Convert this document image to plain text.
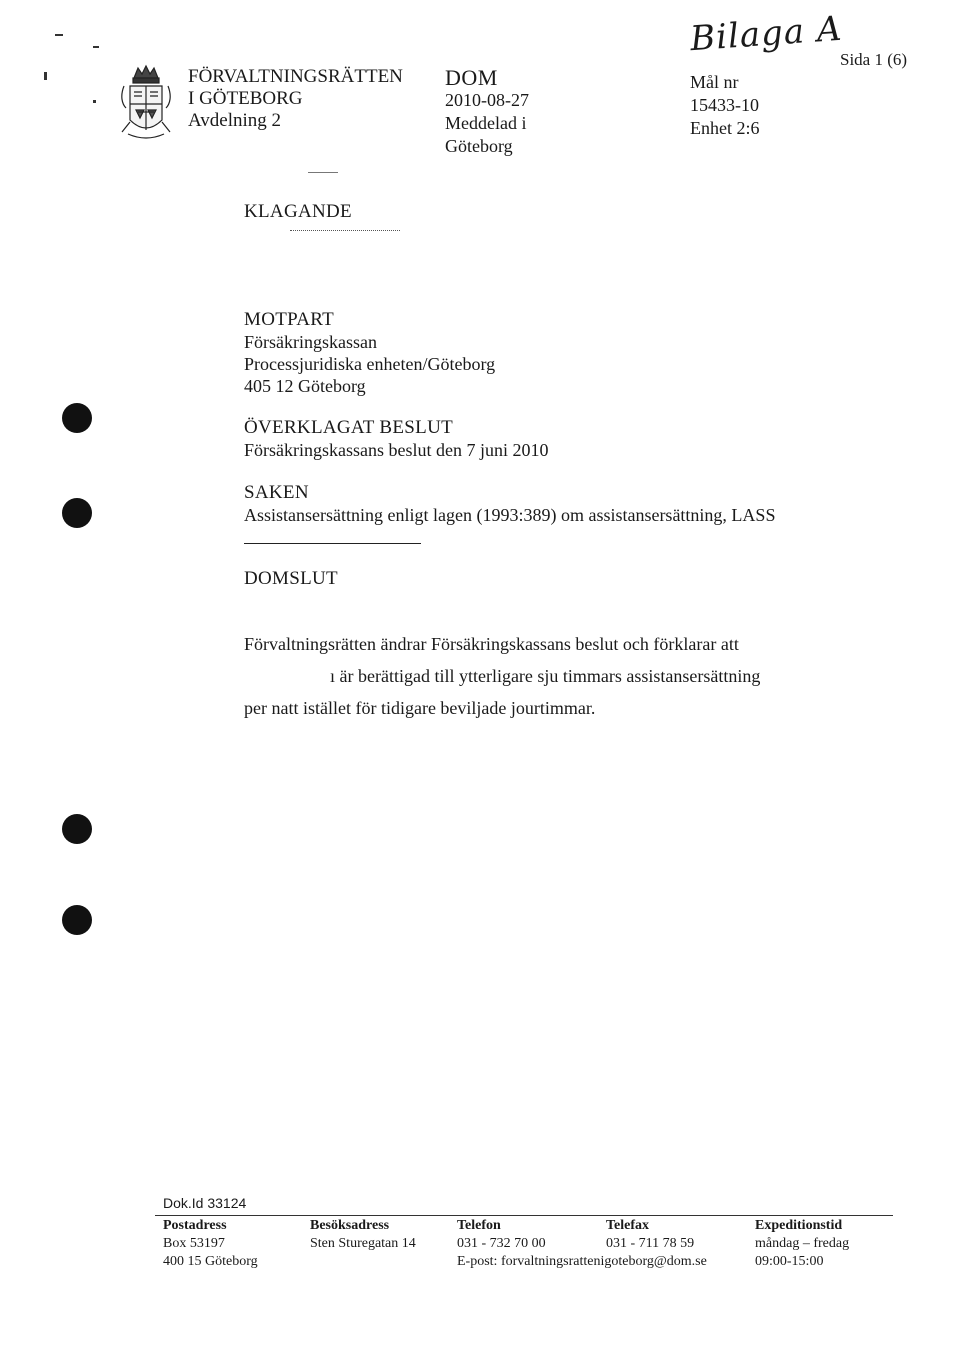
FÖRVALTNINGSRÄTTEN
I GÖTEBORG
Avdelning 2
DOM
2010-08-27
Meddelad i
Göteborg
Bilaga A
Mål nr
15433-10
Enhet 2:6
Sida 1 (6)
KLAGANDE
MOTPART
Försäkringskassan
Processjuridiska enheten/Göteborg
405 12 Göteborg
ÖVERKLAGAT BESLUT
Försäkringskassans beslut den 7 juni 2010
SAKEN
Assistansersättning enligt lagen (1993:389) om assistansersättning, LASS
DOMSLUT
Förvaltningsrätten ändrar Försäkringskassans beslut och förklarar att
ı är berättigad till ytterligare sju timmars assistansersättning
per natt istället för tidigare beviljade jourtimmar.
Dok.Id 33124
Postadress
Box 53197
400 15 Göteborg
Besöksadress
Sten Sturegatan 14
Telefon
031 - 732 70 00
E-post: forvaltningsrattenigoteborg@dom.se
Telefax
031 - 711 78 59
Expeditionstid
måndag – fredag
09:00-15:00
